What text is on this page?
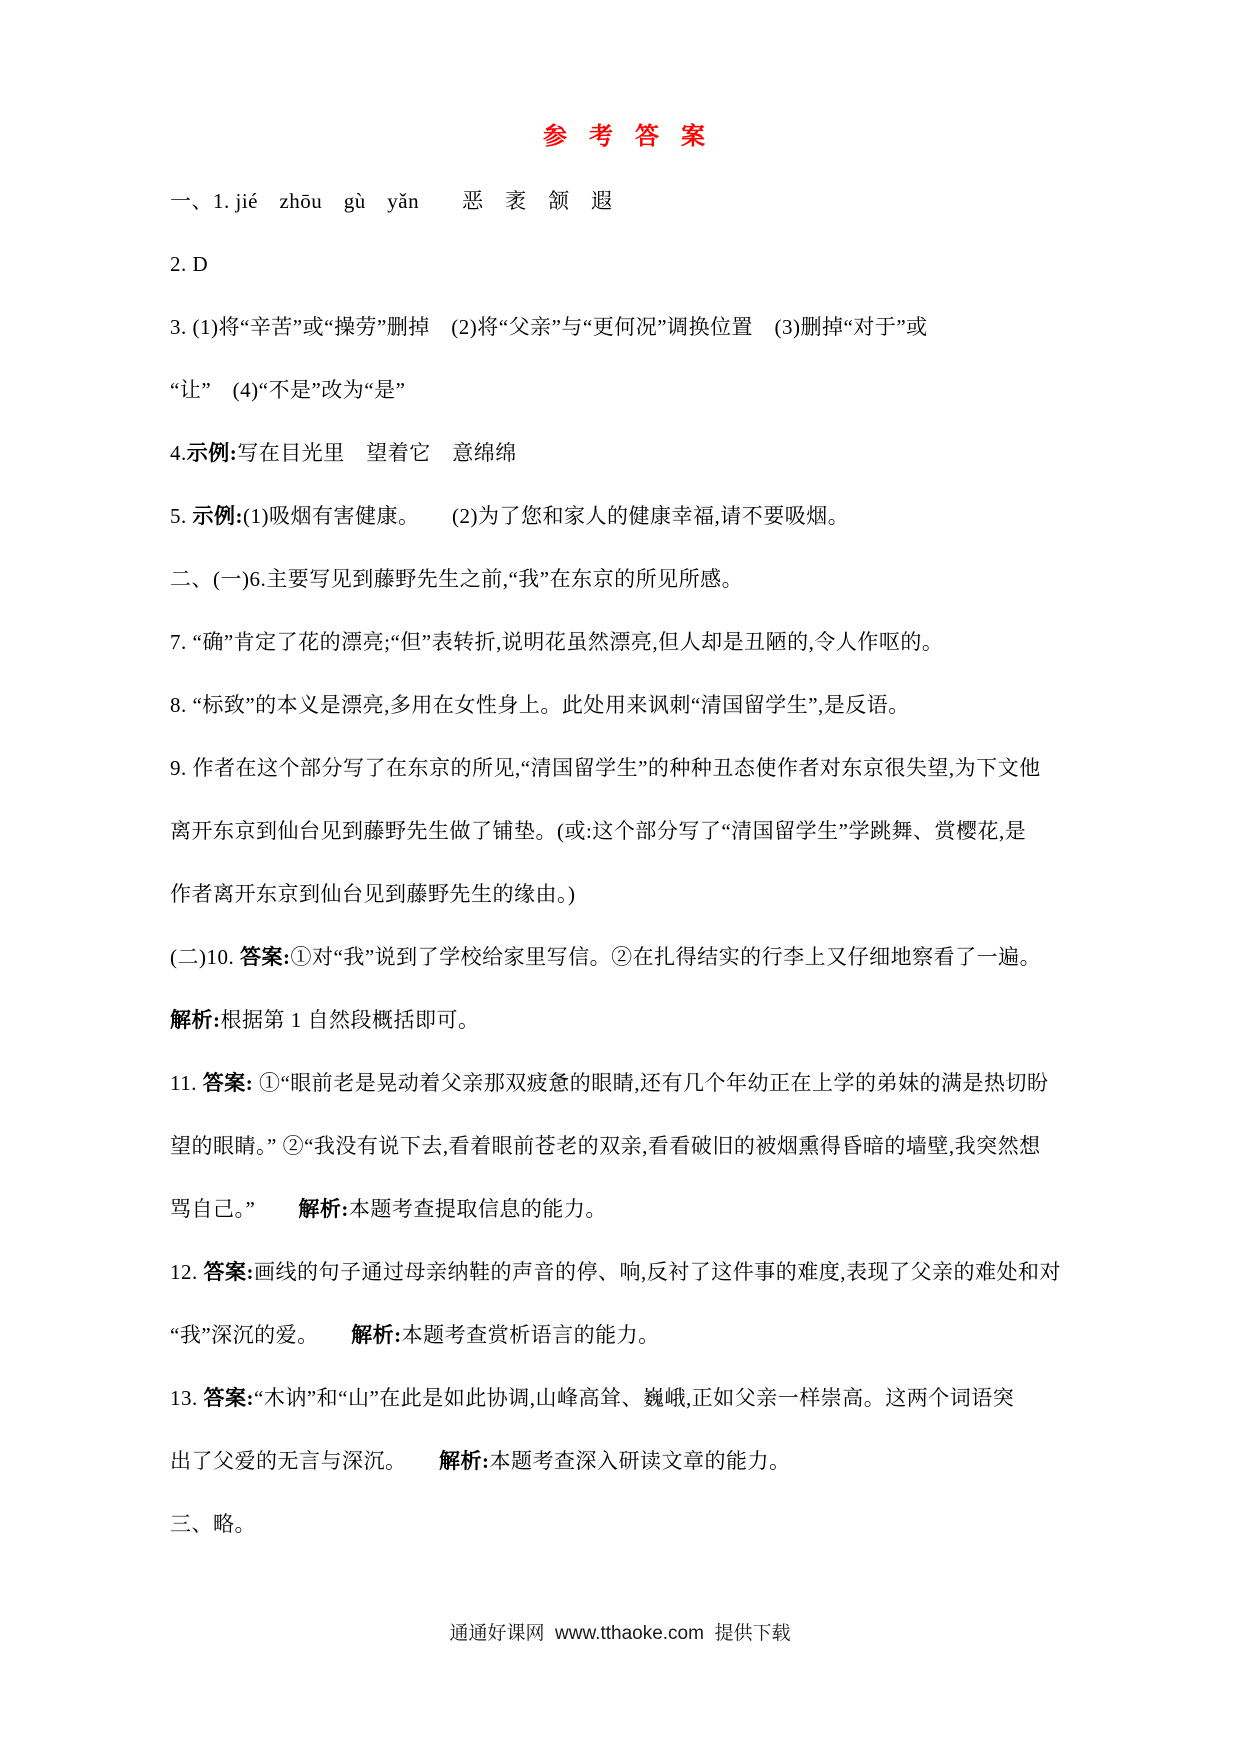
参 考 答 案
一、1. jié　zhōu　gù　yǎn　　恶　袤　颔　遐
2. D
3. (1)将“辛苦”或“操劳”删掉　(2)将“父亲”与“更何况”调换位置　(3)删掉“对于”或
“让”　(4)“不是”改为“是”
4.示例:写在目光里　望着它　意绵绵
5. 示例:(1)吸烟有害健康。　　(2)为了您和家人的健康幸福,请不要吸烟。
二、(一)6.主要写见到藤野先生之前,“我”在东京的所见所感。
7. “确”肯定了花的漂亮;“但”表转折,说明花虽然漂亮,但人却是丑陋的,令人作呕的。
8. “标致”的本义是漂亮,多用在女性身上。此处用来讽刺“清国留学生”,是反语。
9. 作者在这个部分写了在东京的所见,“清国留学生”的种种丑态使作者对东京很失望,为下文他
离开东京到仙台见到藤野先生做了铺垫。(或:这个部分写了“清国留学生”学跳舞、赏樱花,是
作者离开东京到仙台见到藤野先生的缘由。)
(二)10. 答案:①对“我”说到了学校给家里写信。②在扎得结实的行李上又仔细地察看了一遍。
解析:根据第 1 自然段概括即可。
11. 答案: ①“眼前老是晃动着父亲那双疲惫的眼睛,还有几个年幼正在上学的弟妹的满是热切盼
望的眼睛。” ②“我没有说下去,看着眼前苍老的双亲,看看破旧的被烟熏得昏暗的墙壁,我突然想
骂自己。”　　解析:本题考查提取信息的能力。
12. 答案:画线的句子通过母亲纳鞋的声音的停、响,反衬了这件事的难度,表现了父亲的难处和对
“我”深沉的爱。　　解析:本题考查赏析语言的能力。
13. 答案:“木讷”和“山”在此是如此协调,山峰高耸、巍峨,正如父亲一样崇高。这两个词语突
出了父爱的无言与深沉。　　解析:本题考查深入研读文章的能力。
三、略。
通通好课网 www.tthaoke.com 提供下载
